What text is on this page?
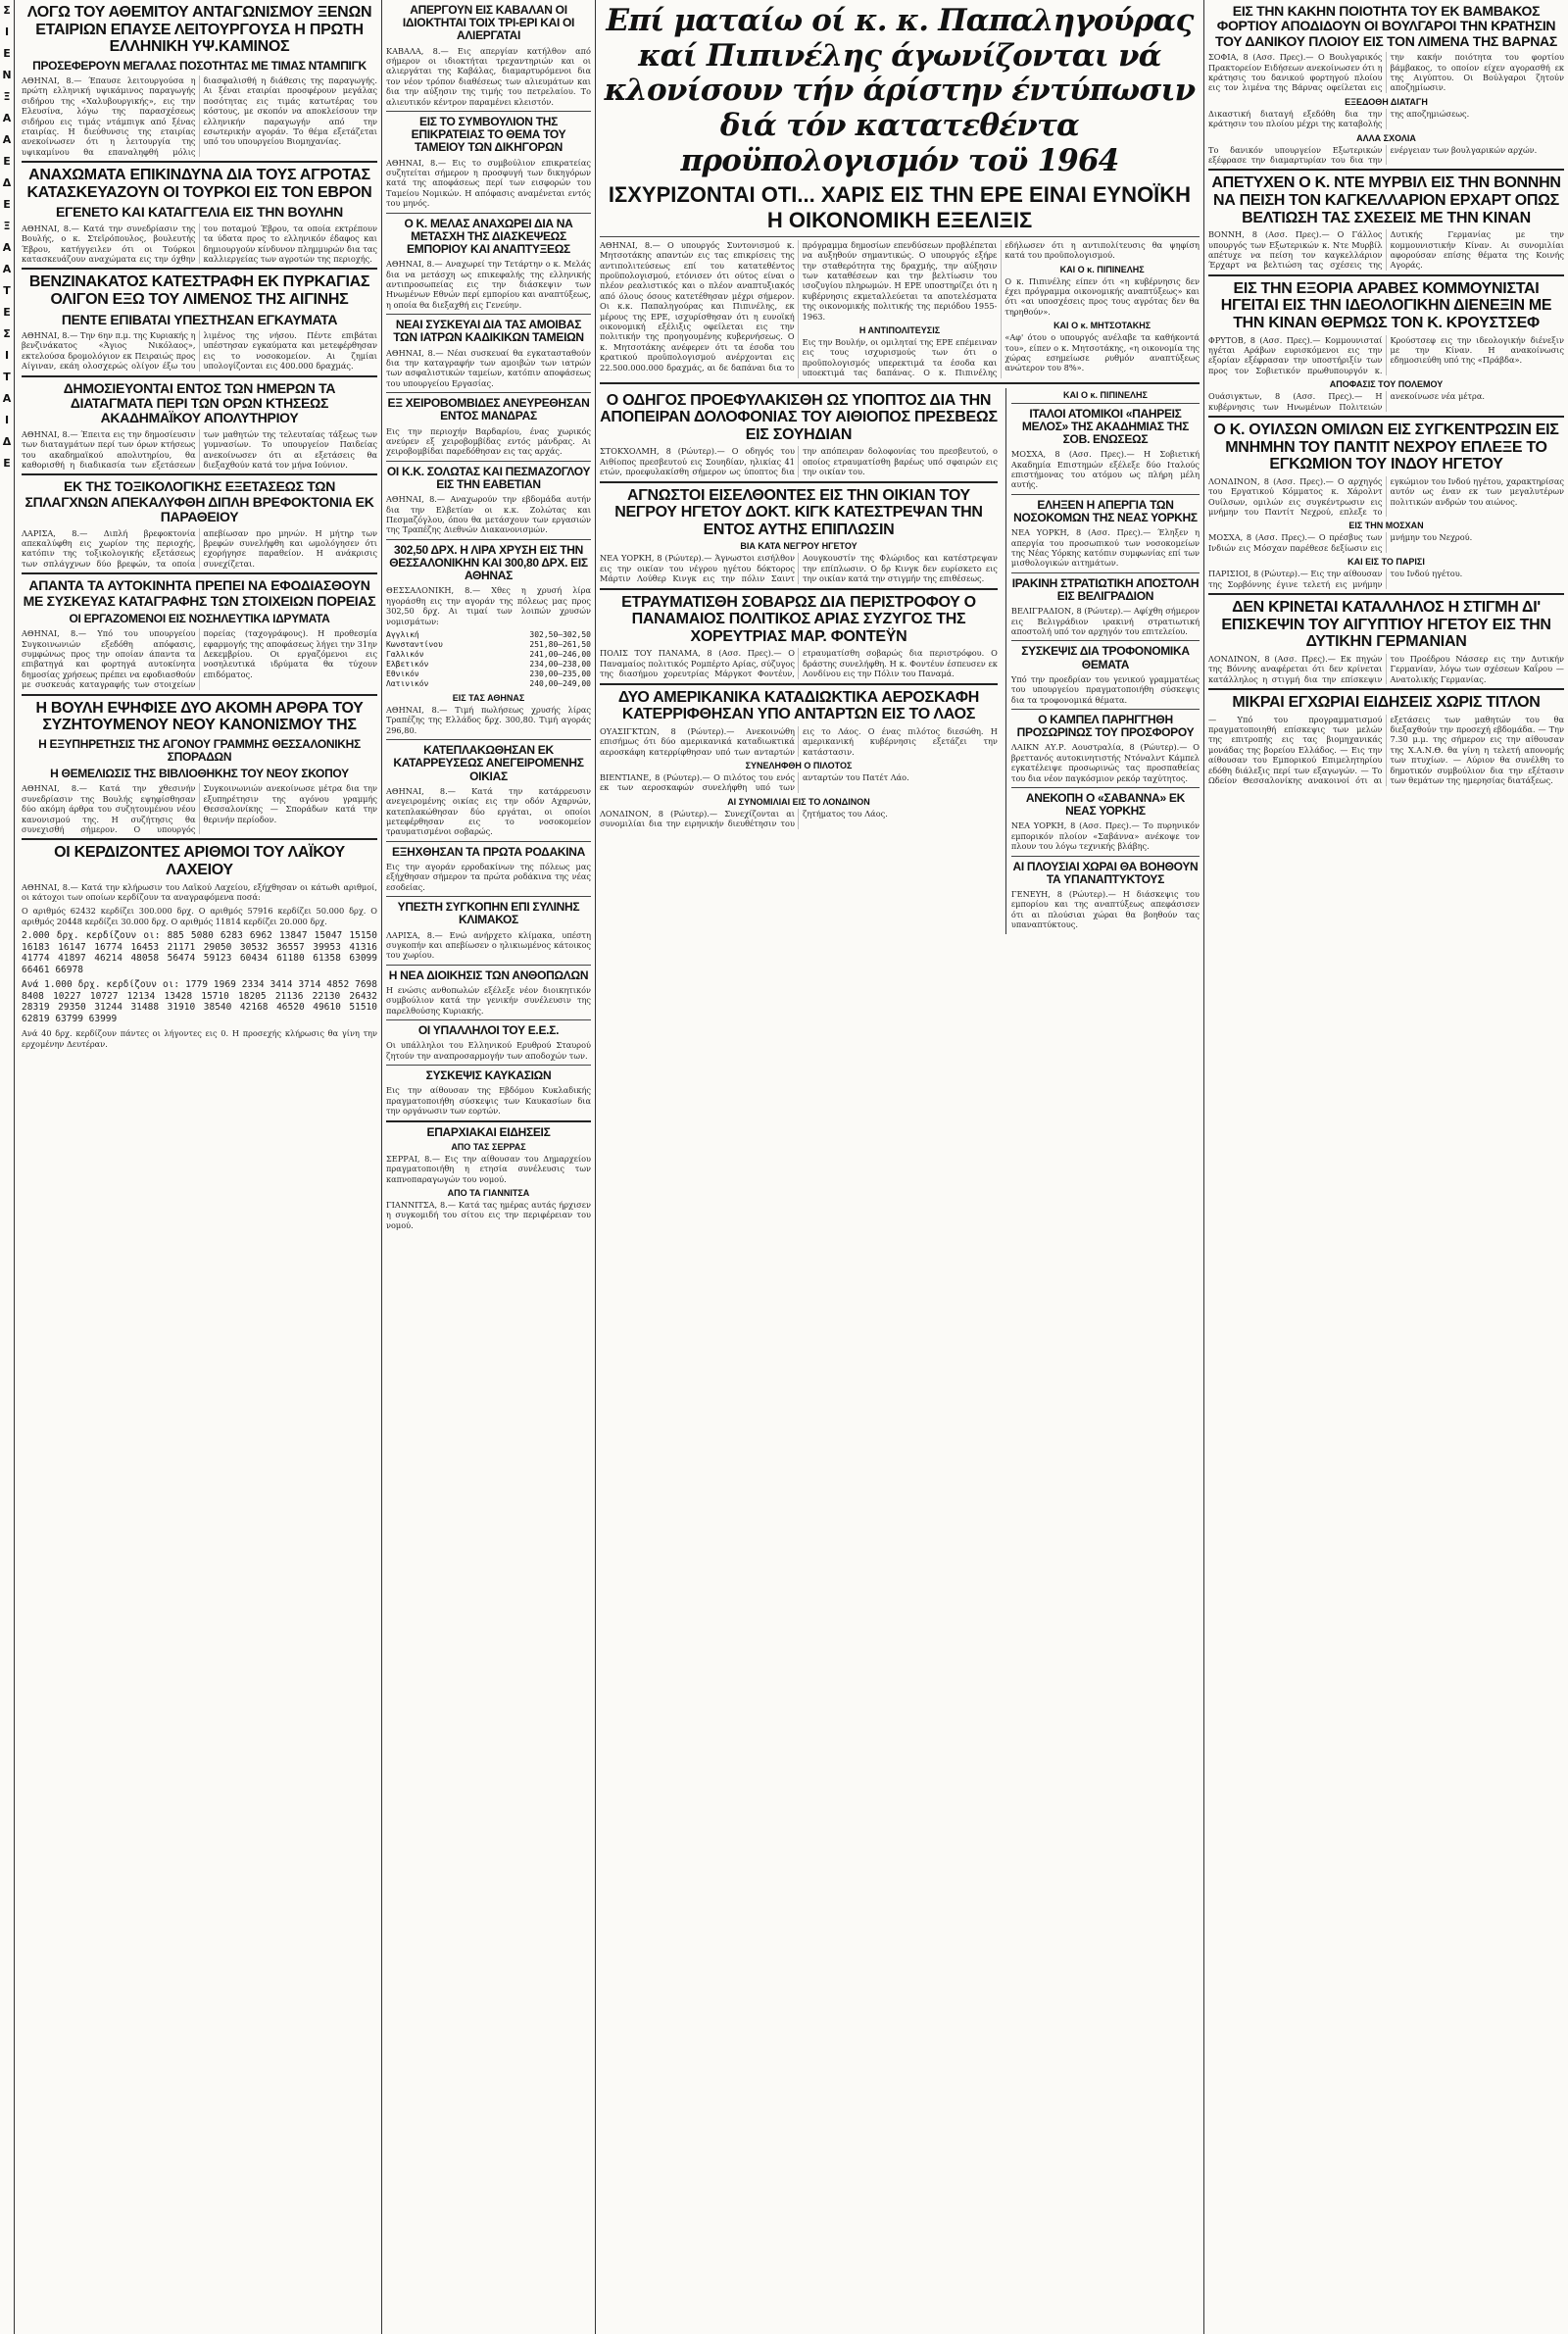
Σ
Ι
Ε
Ν
Ξ
Α
Α
Ε
Δ
Ε
Ξ
Α
Α
Τ
Ε
Σ
Ι
Τ
Α
Ι
Δ
Ε
ΛΟΓΩ ΤΟΥ ΑΘΕΜΙΤΟΥ ΑΝΤΑΓΩΝΙΣΜΟΥ ΞΕΝΩΝ ΕΤΑΙΡΙΩΝ ΕΠΑΥΣΕ ΛΕΙΤΟΥΡΓΟΥΣΑ Η ΠΡΩΤΗ ΕΛΛΗΝΙΚΗ ΥΨ.ΚΑΜΙΝΟΣ
ΠΡΟΣΕΦΕΡΟΥΝ ΜΕΓΑΛΑΣ ΠΟΣΟΤΗΤΑΣ ΜΕ ΤΙΜΑΣ ΝΤΑΜΠΙΓΚ

ΑΘΗΝΑΙ, 8.— Έπαυσε λειτουργούσα η πρώτη ελληνική υψικάμινος παραγωγής σιδήρου της «Χαλυβουργικής», εις την Ελευσίνα, λόγω της παρασχέσεως σιδήρου εις τιμάς ντάμπιγκ από ξένας εταιρίας. Η διεύθυνσις της εταιρίας ανεκοίνωσεν ότι η λειτουργία της υψικαμίνου θα επαναληφθή μόλις διασφαλισθή η διάθεσις της παραγωγής. Αι ξέναι εταιρίαι προσφέρουν μεγάλας ποσότητας εις τιμάς κατωτέρας του κόστους, με σκοπόν να αποκλείσουν την ελληνικήν παραγωγήν από την εσωτερικήν αγοράν. Το θέμα εξετάζεται υπό του υπουργείου Βιομηχανίας.

ΑΝΑΧΩΜΑΤΑ ΕΠΙΚΙΝΔΥΝΑ ΔΙΑ ΤΟΥΣ ΑΓΡΟΤΑΣ ΚΑΤΑΣΚΕΥΑΖΟΥΝ ΟΙ ΤΟΥΡΚΟΙ ΕΙΣ ΤΟΝ ΕΒΡΟΝ
ΕΓΕΝΕΤΟ ΚΑΙ ΚΑΤΑΓΓΕΛΙΑ ΕΙΣ ΤΗΝ ΒΟΥΛΗΝ

ΑΘΗΝΑΙ, 8.— Κατά την συνεδρίασιν της Βουλής, ο κ. Στεϊρόπουλος, βουλευτής Έβρου, κατήγγειλεν ότι οι Τούρκοι κατασκευάζουν αναχώματα εις την όχθην του ποταμού Έβρου, τα οποία εκτρέπουν τα ύδατα προς το ελληνικόν έδαφος και δημιουργούν κίνδυνον πλημμυρών δια τας καλλιεργείας των αγροτών της περιοχής.

ΒΕΝΖΙΝΑΚΑΤΟΣ ΚΑΤΕΣΤΡΑΦΗ ΕΚ ΠΥΡΚΑΓΙΑΣ ΟΛΙΓΟΝ ΕΞΩ ΤΟΥ ΛΙΜΕΝΟΣ ΤΗΣ ΑΙΓΙΝΗΣ
ΠΕΝΤΕ ΕΠΙΒΑΤΑΙ ΥΠΕΣΤΗΣΑΝ ΕΓΚΑΥΜΑΤΑ

ΑΘΗΝΑΙ, 8.— Την 6ην π.μ. της Κυριακής η βενζινάκατος «Άγιος Νικόλαος», εκτελούσα δρομολόγιον εκ Πειραιώς προς Αίγιναν, εκάη ολοσχερώς ολίγον έξω του λιμένος της νήσου. Πέντε επιβάται υπέστησαν εγκαύματα και μετεφέρθησαν εις το νοσοκομείον. Αι ζημίαι υπολογίζονται εις 400.000 δραχμάς.

ΔΗΜΟΣΙΕΥΟΝΤΑΙ ΕΝΤΟΣ ΤΩΝ ΗΜΕΡΩΝ ΤΑ ΔΙΑΤΑΓΜΑΤΑ ΠΕΡΙ ΤΩΝ ΟΡΩΝ ΚΤΗΣΕΩΣ ΑΚΑΔΗΜΑΪΚΟΥ ΑΠΟΛΥΤΗΡΙΟΥ

ΑΘΗΝΑΙ, 8.— Έπειτα εις την δημοσίευσιν των διαταγμάτων περί των όρων κτήσεως του ακαδημαϊκού απολυτηρίου, θα καθορισθή η διαδικασία των εξετάσεων των μαθητών της τελευταίας τάξεως των γυμνασίων. Το υπουργείον Παιδείας ανεκοίνωσεν ότι αι εξετάσεις θα διεξαχθούν κατά τον μήνα Ιούνιον.

ΕΚ ΤΗΣ ΤΟΞΙΚΟΛΟΓΙΚΗΣ ΕΞΕΤΑΣΕΩΣ ΤΩΝ ΣΠΛΑΓΧΝΩΝ ΑΠΕΚΑΛΥΦΘΗ ΔΙΠΛΗ ΒΡΕΦΟΚΤΟΝΙΑ ΕΚ ΠΑΡΑΘΕΙΟΥ

ΛΑΡΙΣΑ, 8.— Διπλή βρεφοκτονία απεκαλύφθη εις χωρίον της περιοχής, κατόπιν της τοξικολογικής εξετάσεως των σπλάγχνων δύο βρεφών, τα οποία απεβίωσαν προ μηνών. Η μήτηρ των βρεφών συνελήφθη και ωμολόγησεν ότι εχορήγησε παραθείον. Η ανάκρισις συνεχίζεται.

ΑΠΑΝΤΑ ΤΑ ΑΥΤΟΚΙΝΗΤΑ ΠΡΕΠΕΙ ΝΑ ΕΦΟΔΙΑΣΘΟΥΝ ΜΕ ΣΥΣΚΕΥΑΣ ΚΑΤΑΓΡΑΦΗΣ ΤΩΝ ΣΤΟΙΧΕΙΩΝ ΠΟΡΕΙΑΣ
ΟΙ ΕΡΓΑΖΟΜΕΝΟΙ ΕΙΣ ΝΟΣΗΛΕΥΤΙΚΑ ΙΔΡΥΜΑΤΑ

ΑΘΗΝΑΙ, 8.— Υπό του υπουργείου Συγκοινωνιών εξεδόθη απόφασις, συμφώνως προς την οποίαν άπαντα τα επιβατηγά και φορτηγά αυτοκίνητα δημοσίας χρήσεως πρέπει να εφοδιασθούν με συσκευάς καταγραφής των στοιχείων πορείας (ταχογράφους). Η προθεσμία εφαρμογής της αποφάσεως λήγει την 31ην Δεκεμβρίου. Οι εργαζόμενοι εις νοσηλευτικά ιδρύματα θα τύχουν επιδόματος.

Η ΒΟΥΛΗ ΕΨΗΦΙΣΕ ΔΥΟ ΑΚΟΜΗ ΑΡΘΡΑ ΤΟΥ ΣΥΖΗΤΟΥΜΕΝΟΥ ΝΕΟΥ ΚΑΝΟΝΙΣΜΟΥ ΤΗΣ
Η ΕΞΥΠΗΡΕΤΗΣΙΣ ΤΗΣ ΑΓΟΝΟΥ ΓΡΑΜΜΗΣ ΘΕΣΣΑΛΟΝΙΚΗΣ ΣΠΟΡΑΔΩΝ
Η ΘΕΜΕΛΙΩΣΙΣ ΤΗΣ ΒΙΒΛΙΟΘΗΚΗΣ ΤΟΥ ΝΕΟΥ ΣΚΟΠΟΥ

ΑΘΗΝΑΙ, 8.— Κατά την χθεσινήν συνεδρίασιν της Βουλής εψηφίσθησαν δύο ακόμη άρθρα του συζητουμένου νέου κανονισμού της. Η συζήτησις θα συνεχισθή σήμερον. Ο υπουργός Συγκοινωνιών ανεκοίνωσε μέτρα δια την εξυπηρέτησιν της αγόνου γραμμής Θεσσαλονίκης — Σποράδων κατά την θερινήν περίοδον.

ΟΙ ΚΕΡΔΙΖΟΝΤΕΣ ΑΡΙΘΜΟΙ ΤΟΥ ΛΑΪΚΟΥ ΛΑΧΕΙΟΥ

ΑΘΗΝΑΙ, 8.— Κατά την κλήρωσιν του Λαϊκού Λαχείου, εξήχθησαν οι κάτωθι αριθμοί, οι κάτοχοι των οποίων κερδίζουν τα αναγραφόμενα ποσά:

Ο αριθμός 62432 κερδίζει 300.000 δρχ. Ο αριθμός 57916 κερδίζει 50.000 δρχ. Ο αριθμός 20448 κερδίζει 30.000 δρχ. Ο αριθμός 11814 κερδίζει 20.000 δρχ.

2.000 δρχ. κερδίζουν οι: 885 5080 6283 6962 13847 15047 15150 16183 16147 16774 16453 21171 29050 30532 36557 39953 41316 41774 41897 46214 48058 56474 59123 60434 61180 61358 63099 66461 66978

Ανά 1.000 δρχ. κερδίζουν οι: 1779 1969 2334 3414 3714 4852 7698 8408 10227 10727 12134 13428 15710 18205 21136 22130 26432 28319 29350 31244 31488 31910 38540 42168 46520 49610 51510 62819 63799 63999

Ανά 40 δρχ. κερδίζουν πάντες οι λήγοντες εις 0. Η προσεχής κλήρωσις θα γίνη την ερχομένην Δευτέραν.

ΑΠΕΡΓΟΥΝ ΕΙΣ ΚΑΒΑΛΑΝ ΟΙ ΙΔΙΟΚΤΗΤΑΙ ΤΟΙΧ ΤΡΙ-ΕΡΙ ΚΑΙ ΟΙ ΑΛΙΕΡΓΑΤΑΙ

ΚΑΒΑΛΑ, 8.— Εις απεργίαν κατήλθον από σήμερον οι ιδιοκτήται τρεχαντηριών και οι αλιεργάται της Καβάλας, διαμαρτυρόμενοι δια τον νέον τρόπον διαθέσεως των αλιευμάτων και δια την αύξησιν της τιμής του πετρελαίου. Το αλιευτικόν κέντρον παραμένει κλειστόν.

ΕΙΣ ΤΟ ΣΥΜΒΟΥΛΙΟΝ ΤΗΣ ΕΠΙΚΡΑΤΕΙΑΣ ΤΟ ΘΕΜΑ ΤΟΥ ΤΑΜΕΙΟΥ ΤΩΝ ΔΙΚΗΓΟΡΩΝ

ΑΘΗΝΑΙ, 8.— Εις το συμβούλιον επικρατείας συζητείται σήμερον η προσφυγή των δικηγόρων κατά της αποφάσεως περί των εισφορών του Ταμείου Νομικών. Η απόφασις αναμένεται εντός του μηνός.

Ο Κ. ΜΕΛΑΣ ΑΝΑΧΩΡΕΙ ΔΙΑ ΝΑ ΜΕΤΑΣΧΗ ΤΗΣ ΔΙΑΣΚΕΨΕΩΣ ΕΜΠΟΡΙΟΥ ΚΑΙ ΑΝΑΠΤΥΞΕΩΣ

ΑΘΗΝΑΙ, 8.— Αναχωρεί την Τετάρτην ο κ. Μελάς δια να μετάσχη ως επικεφαλής της ελληνικής αντιπροσωπείας εις την διάσκεψιν των Ηνωμένων Εθνών περί εμπορίου και αναπτύξεως, η οποία θα διεξαχθή εις Γενεύην.

ΝΕΑΙ ΣΥΣΚΕΥΑΙ ΔΙΑ ΤΑΣ ΑΜΟΙΒΑΣ ΤΩΝ ΙΑΤΡΩΝ ΚΑΔΙΚΙΚΩΝ ΤΑΜΕΙΩΝ

ΑΘΗΝΑΙ, 8.— Νέαι συσκευαί θα εγκατασταθούν δια την καταγραφήν των αμοιβών των ιατρών των ασφαλιστικών ταμείων, κατόπιν αποφάσεως του υπουργείου Εργασίας.

ΕΞ ΧΕΙΡΟΒΟΜΒΙΔΕΣ ΑΝΕΥΡΕΘΗΣΑΝ ΕΝΤΟΣ ΜΑΝΔΡΑΣ

Εις την περιοχήν Βαρδαρίου, ένας χωρικός ανεύρεν εξ χειροβομβίδας εντός μάνδρας. Αι χειροβομβίδαι παρεδόθησαν εις τας αρχάς.

ΟΙ Κ.Κ. ΣΟΛΩΤΑΣ ΚΑΙ ΠΕΣΜΑΖΟΓΛΟΥ ΕΙΣ ΤΗΝ ΕΑΒΕΤΙΑΝ

ΑΘΗΝΑΙ, 8.— Αναχωρούν την εβδομάδα αυτήν δια την Ελβετίαν οι κ.κ. Ζολώτας και Πεσμαζόγλου, όπου θα μετάσχουν των εργασιών της Τραπέζης Διεθνών Διακανονισμών.

302,50 ΔΡΧ. Η ΛΙΡΑ ΧΡΥΣΗ ΕΙΣ ΤΗΝ ΘΕΣΣΑΛΟΝΙΚΗΝ ΚΑΙ 300,80 ΔΡΧ. ΕΙΣ ΑΘΗΝΑΣ

ΘΕΣΣΑΛΟΝΙΚΗ, 8.— Χθες η χρυσή λίρα ηγοράσθη εις την αγοράν της πόλεως μας προς 302,50 δρχ. Αι τιμαί των λοιπών χρυσών νομισμάτων:

Αγγλική	302,50—302,50
Κωνσταντίνου	251,80—261,50
Γαλλικόν	241,00—246,00
Ελβετικόν	234,00—238,00
Εθνικόν	230,00—235,00
Λατινικόν	240,00—249,00
ΕΙΣ ΤΑΣ ΑΘΗΝΑΣ

ΑΘΗΝΑΙ, 8.— Τιμή πωλήσεως χρυσής λίρας Τραπέζης της Ελλάδος δρχ. 300,80. Τιμή αγοράς 296,80.

ΚΑΤΕΠΛΑΚΩΘΗΣΑΝ ΕΚ ΚΑΤΑΡΡΕΥΣΕΩΣ ΑΝΕΓΕΙΡΟΜΕΝΗΣ ΟΙΚΙΑΣ

ΑΘΗΝΑΙ, 8.— Κατά την κατάρρευσιν ανεγειρομένης οικίας εις την οδόν Αχαρνών, κατεπλακώθησαν δύο εργάται, οι οποίοι μετεφέρθησαν εις το νοσοκομείον τραυματισμένοι σοβαρώς.

ΕΞΗΧΘΗΣΑΝ ΤΑ ΠΡΩΤΑ ΡΟΔΑΚΙΝΑ

Εις την αγοράν ερροδακίνων της πόλεως μας εξήχθησαν σήμερον τα πρώτα ροδάκινα της νέας εσοδείας.

ΥΠΕΣΤΗ ΣΥΓΚΟΠΗΝ ΕΠΙ ΣΥΛΙΝΗΣ ΚΛΙΜΑΚΟΣ

ΛΑΡΙΣΑ, 8.— Ενώ ανήρχετο κλίμακα, υπέστη συγκοπήν και απεβίωσεν ο ηλικιωμένος κάτοικος του χωρίου.

Η ΝΕΑ ΔΙΟΙΚΗΣΙΣ ΤΩΝ ΑΝΘΟΠΩΛΩΝ

Η ενώσις ανθοπωλών εξέλεξε νέον διοικητικόν συμβούλιον κατά την γενικήν συνέλευσιν της παρελθούσης Κυριακής.

ΟΙ ΥΠΑΛΛΗΛΟΙ ΤΟΥ Ε.Ε.Σ.

Οι υπάλληλοι του Ελληνικού Ερυθρού Σταυρού ζητούν την αναπροσαρμογήν των αποδοχών των.

ΣΥΣΚΕΨΙΣ ΚΑΥΚΑΣΙΩΝ

Εις την αίθουσαν της Εβδόμου Κυκλαδικής πραγματοποιήθη σύσκεψις των Καυκασίων δια την οργάνωσιν των εορτών.

ΕΠΑΡΧΙΑΚΑΙ ΕΙΔΗΣΕΙΣ
ΑΠΟ ΤΑΣ ΣΕΡΡΑΣ

ΣΕΡΡΑΙ, 8.— Εις την αίθουσαν του Δημαρχείου πραγματοποιήθη η ετησία συνέλευσις των καπνοπαραγωγών του νομού.

ΑΠΟ ΤΑ ΓΙΑΝΝΙΤΣΑ

ΓΙΑΝΝΙΤΣΑ, 8.— Κατά τας ημέρας αυτάς ήρχισεν η συγκομιδή του σίτου εις την περιφέρειαν του νομού.

Επί ματαίω οί κ. κ. Παπαληγούρας καί Πιπινέλης άγωνίζονται νά κλονίσουν τήν άρίστην έντύπωσιν διά τόν κατατεθέντα προϋπολογισμόν τοϋ 1964
ΙΣΧΥΡΙΖΟΝΤΑΙ ΟΤΙ... ΧΑΡΙΣ ΕΙΣ ΤΗΝ ΕΡΕ ΕΙΝΑΙ ΕΥΝΟΪΚΗ Η ΟΙΚΟΝΟΜΙΚΗ ΕΞΕΛΙΞΙΣ

ΑΘΗΝΑΙ, 8.— Ο υπουργός Συντονισμού κ. Μητσοτάκης απαντών εις τας επικρίσεις της αντιπολιτεύσεως επί του κατατεθέντος προϋπολογισμού, ετόνισεν ότι ούτος είναι ο πλέον ρεαλιστικός και ο πλέον αναπτυξιακός από όλους όσους κατετέθησαν μέχρι σήμερον. Οι κ.κ. Παπαληγούρας και Πιπινέλης, εκ μέρους της ΕΡΕ, ισχυρίσθησαν ότι η ευνοϊκή οικονομική εξέλιξις οφείλεται εις την πολιτικήν της προηγουμένης κυβερνήσεως. Ο κ. Μητσοτάκης ανέφερεν ότι τα έσοδα του κρατικού προϋπολογισμού ανέρχονται εις 22.500.000.000 δραχμάς, αι δε δαπάναι δια το πρόγραμμα δημοσίων επενδύσεων προβλέπεται να αυξηθούν σημαντικώς. Ο υπουργός εξήρε την σταθερότητα της δραχμής, την αύξησιν των καταθέσεων και την βελτίωσιν του ισοζυγίου πληρωμών. Η ΕΡΕ υποστηρίζει ότι η κυβέρνησις εκμεταλλεύεται τα αποτελέσματα της οικονομικής πολιτικής της περιόδου 1955-1963.

Η ΑΝΤΙΠΟΛΙΤΕΥΣΙΣ

Εις την Βουλήν, οι ομιληταί της ΕΡΕ επέμειναν εις τους ισχυρισμούς των ότι ο προϋπολογισμός υπερεκτιμά τα έσοδα και υποεκτιμά τας δαπάνας. Ο κ. Πιπινέλης εδήλωσεν ότι η αντιπολίτευσις θα ψηφίση κατά του προϋπολογισμού.

ΚΑΙ Ο κ. ΠΙΠΙΝΕΛΗΣ

Ο κ. Πιπινέλης είπεν ότι «η κυβέρνησις δεν έχει πρόγραμμα οικονομικής αναπτύξεως» και ότι «αι υποσχέσεις προς τους αγρότας δεν θα τηρηθούν».

ΚΑΙ Ο κ. ΜΗΤΣΟΤΑΚΗΣ

«Αφ' ότου ο υπουργός ανέλαβε τα καθήκοντά του», είπεν ο κ. Μητσοτάκης, «η οικονομία της χώρας εσημείωσε ρυθμόν αναπτύξεως ανώτερον του 8%».

Ο ΟΔΗΓΟΣ ΠΡΟΕΦΥΛΑΚΙΣΘΗ ΩΣ ΥΠΟΠΤΟΣ ΔΙΑ ΤΗΝ ΑΠΟΠΕΙΡΑΝ ΔΟΛΟΦΟΝΙΑΣ ΤΟΥ ΑΙΘΙΟΠΟΣ ΠΡΕΣΒΕΩΣ ΕΙΣ ΣΟΥΗΔΙΑΝ

ΣΤΟΚΧΟΛΜΗ, 8 (Ρώυτερ).— Ο οδηγός του Αιθίοπος πρεσβευτού εις Σουηδίαν, ηλικίας 41 ετών, προεφυλακίσθη σήμερον ως ύποπτος δια την απόπειραν δολοφονίας του πρεσβευτού, ο οποίος ετραυματίσθη βαρέως υπό σφαιρών εις την οικίαν του.

ΑΓΝΩΣΤΟΙ ΕΙΣΕΛΘΟΝΤΕΣ ΕΙΣ ΤΗΝ ΟΙΚΙΑΝ ΤΟΥ ΝΕΓΡΟΥ ΗΓΕΤΟΥ ΔΟΚΤ. ΚΙΓΚ ΚΑΤΕΣΤΡΕΨΑΝ ΤΗΝ ΕΝΤΟΣ ΑΥΤΗΣ ΕΠΙΠΛΩΣΙΝ
ΒΙΑ ΚΑΤΑ ΝΕΓΡΟΥ ΗΓΕΤΟΥ

ΝΕΑ ΥΟΡΚΗ, 8 (Ρώυτερ).— Άγνωστοι εισήλθον εις την οικίαν του νέγρου ηγέτου δόκτορος Μάρτιν Λούθερ Κινγκ εις την πόλιν Σαιντ Αουγκουστίν της Φλώριδος και κατέστρεψαν την επίπλωσιν. Ο δρ Κινγκ δεν ευρίσκετο εις την οικίαν κατά την στιγμήν της επιθέσεως.

ΕΤΡΑΥΜΑΤΙΣΘΗ ΣΟΒΑΡΩΣ ΔΙΑ ΠΕΡΙΣΤΡΟΦΟΥ Ο ΠΑΝΑΜΑΙΟΣ ΠΟΛΙΤΙΚΟΣ ΑΡΙΑΣ ΣΥΖΥΓΟΣ ΤΗΣ ΧΟΡΕΥΤΡΙΑΣ ΜΑΡ. ΦΟΝΤΕΫΝ

ΠΟΛΙΣ ΤΟΥ ΠΑΝΑΜΑ, 8 (Ασσ. Πρες).— Ο Παναμαίος πολιτικός Ρομπέρτο Αρίας, σύζυγος της διασήμου χορευτρίας Μάργκοτ Φοντέυν, ετραυματίσθη σοβαρώς δια περιστρόφου. Ο δράστης συνελήφθη. Η κ. Φοντέυν έσπευσεν εκ Λονδίνου εις την Πόλιν του Παναμά.

ΔΥΟ ΑΜΕΡΙΚΑΝΙΚΑ ΚΑΤΑΔΙΩΚΤΙΚΑ ΑΕΡΟΣΚΑΦΗ ΚΑΤΕΡΡΙΦΘΗΣΑΝ ΥΠΟ ΑΝΤΑΡΤΩΝ ΕΙΣ ΤΟ ΛΑΟΣ

ΟΥΑΣΙΓΚΤΩΝ, 8 (Ρώυτερ).— Ανεκοινώθη επισήμως ότι δύο αμερικανικά καταδιωκτικά αεροσκάφη κατερρίφθησαν υπό των ανταρτών εις το Λάος. Ο ένας πιλότος διεσώθη. Η αμερικανική κυβέρνησις εξετάζει την κατάστασιν.

ΣΥΝΕΛΗΦΘΗ Ο ΠΙΛΟΤΟΣ

ΒΙΕΝΤΙΑΝΕ, 8 (Ρώυτερ).— Ο πιλότος του ενός εκ των αεροσκαφών συνελήφθη υπό των ανταρτών του Πατέτ Λάο.

ΑΙ ΣΥΝΟΜΙΛΙΑΙ ΕΙΣ ΤΟ ΛΟΝΔΙΝΟΝ

ΛΟΝΔΙΝΟΝ, 8 (Ρώυτερ).— Συνεχίζονται αι συνομιλίαι δια την ειρηνικήν διευθέτησιν του ζητήματος του Λάος.

ΚΑΙ Ο κ. ΠΙΠΙΝΕΛΗΣ
ΙΤΑΛΟΙ ΑΤΟΜΙΚΟΙ «ΠΑΗΡΕΙΣ ΜΕΛΟΣ» ΤΗΣ ΑΚΑΔΗΜΙΑΣ ΤΗΣ ΣΟΒ. ΕΝΩΣΕΩΣ

ΜΟΣΧΑ, 8 (Ασσ. Πρες).— Η Σοβιετική Ακαδημία Επιστημών εξέλεξε δύο Ιταλούς επιστήμονας του ατόμου ως πλήρη μέλη αυτής.

ΕΛΗΞΕΝ Η ΑΠΕΡΓΙΑ ΤΩΝ ΝΟΣΟΚΟΜΩΝ ΤΗΣ ΝΕΑΣ ΥΟΡΚΗΣ

ΝΕΑ ΥΟΡΚΗ, 8 (Ασσ. Πρες).— Έληξεν η απεργία του προσωπικού των νοσοκομείων της Νέας Υόρκης κατόπιν συμφωνίας επί των μισθολογικών αιτημάτων.

ΙΡΑΚΙΝΗ ΣΤΡΑΤΙΩΤΙΚΗ ΑΠΟΣΤΟΛΗ ΕΙΣ ΒΕΛΙΓΡΑΔΙΟΝ

ΒΕΛΙΓΡΑΔΙΟΝ, 8 (Ρώυτερ).— Αφίχθη σήμερον εις Βελιγράδιον ιρακινή στρατιωτική αποστολή υπό τον αρχηγόν του επιτελείου.

ΣΥΣΚΕΨΙΣ ΔΙΑ ΤΡΟΦΟΝΟΜΙΚΑ ΘΕΜΑΤΑ

Υπό την προεδρίαν του γενικού γραμματέως του υπουργείου πραγματοποιήθη σύσκεψις δια τα τροφονομικά θέματα.

Ο ΚΑΜΠΕΛ ΠΑΡΗΓΓΗΘΗ ΠΡΟΣΩΡΙΝΩΣ ΤΟΥ ΠΡΟΣΦΟΡΟΥ

ΛΑΙΚΝ ΑΥ.Ρ. Αουστραλία, 8 (Ρώυτερ).— Ο βρεττανός αυτοκινητιστής Ντόναλντ Κάμπελ εγκατέλειψε προσωρινώς τας προσπαθείας του δια νέον παγκόσμιον ρεκόρ ταχύτητος.

ΑΝΕΚΟΠΗ Ο «ΣΑΒΑΝΝΑ» ΕΚ ΝΕΑΣ ΥΟΡΚΗΣ

ΝΕΑ ΥΟΡΚΗ, 8 (Ασσ. Πρες).— Το πυρηνικόν εμπορικόν πλοίον «Σαβάννα» ανέκοψε τον πλουν του λόγω τεχνικής βλάβης.

ΑΙ ΠΛΟΥΣΙΑΙ ΧΩΡΑΙ ΘΑ ΒΟΗΘΟΥΝ ΤΑ ΥΠΑΝΑΠΤΥΚΤΟΥΣ

ΓΕΝΕΥΗ, 8 (Ρώυτερ).— Η διάσκεψις του εμπορίου και της αναπτύξεως απεφάσισεν ότι αι πλούσιαι χώραι θα βοηθούν τας υπαναπτύκτους.

ΕΙΣ ΤΗΝ ΚΑΚΗΝ ΠΟΙΟΤΗΤΑ ΤΟΥ ΕΚ ΒΑΜΒΑΚΟΣ ΦΟΡΤΙΟΥ ΑΠΟΔΙΔΟΥΝ ΟΙ ΒΟΥΛΓΑΡΟΙ ΤΗΝ ΚΡΑΤΗΣΙΝ ΤΟΥ ΔΑΝΙΚΟΥ ΠΛΟΙΟΥ ΕΙΣ ΤΟΝ ΛΙΜΕΝΑ ΤΗΣ ΒΑΡΝΑΣ

ΣΟΦΙΑ, 8 (Ασσ. Πρες).— Ο Βουλγαρικός Πρακτορείον Ειδήσεων ανεκοίνωσεν ότι η κράτησις του δανικού φορτηγού πλοίου εις τον λιμένα της Βάρνας οφείλεται εις την κακήν ποιότητα του φορτίου βάμβακος, το οποίον είχεν αγορασθή εκ της Αιγύπτου. Οι Βούλγαροι ζητούν αποζημίωσιν.

ΕΞΕΔΟΘΗ ΔΙΑΤΑΓΗ

Δικαστική διαταγή εξεδόθη δια την κράτησιν του πλοίου μέχρι της καταβολής της αποζημιώσεως.

ΑΛΛΑ ΣΧΟΛΙΑ

Το δανικόν υπουργείον Εξωτερικών εξέφρασε την διαμαρτυρίαν του δια την ενέργειαν των βουλγαρικών αρχών.

ΑΠΕΤΥΧΕΝ Ο Κ. ΝΤΕ ΜΥΡΒΙΛ ΕΙΣ ΤΗΝ ΒΟΝΝΗΝ ΝΑ ΠΕΙΣΗ ΤΟΝ ΚΑΓΚΕΛΛΑΡΙΟΝ ΕΡΧΑΡΤ ΟΠΩΣ ΒΕΛΤΙΩΣΗ ΤΑΣ ΣΧΕΣΕΙΣ ΜΕ ΤΗΝ ΚΙΝΑΝ

ΒΟΝΝΗ, 8 (Ασσ. Πρες).— Ο Γάλλος υπουργός των Εξωτερικών κ. Ντε Μυρβίλ απέτυχε να πείση τον καγκελλάριον Έρχαρτ να βελτιώση τας σχέσεις της Δυτικής Γερμανίας με την κομμουνιστικήν Κίναν. Αι συνομιλίαι αφορούσαν επίσης θέματα της Κοινής Αγοράς.

ΕΙΣ ΤΗΝ ΕΞΟΡΙΑ ΑΡΑΒΕΣ ΚΟΜΜΟΥΝΙΣΤΑΙ ΗΓΕΙΤΑΙ ΕΙΣ ΤΗΝ ΙΔΕΟΛΟΓΙΚΗΝ ΔΙΕΝΕΞΙΝ ΜΕ ΤΗΝ ΚΙΝΑΝ ΘΕΡΜΩΣ ΤΟΝ Κ. ΚΡΟΥΣΤΣΕΦ

ΦΡΥΤΟΒ, 8 (Ασσ. Πρες).— Κομμουνισταί ηγέται Αράβων ευρισκόμενοι εις την εξορίαν εξέφρασαν την υποστήριξίν των προς τον Σοβιετικόν πρωθυπουργόν κ. Κρούστσεφ εις την ιδεολογικήν διένεξιν με την Κίναν. Η ανακοίνωσις εδημοσιεύθη υπό της «Πράβδα».

ΑΠΟΦΑΣΙΣ ΤΟΥ ΠΟΛΕΜΟΥ

Ουάσιγκτων, 8 (Ασσ. Πρες).— Η κυβέρνησις των Ηνωμένων Πολιτειών ανεκοίνωσε νέα μέτρα.

Ο Κ. ΟΥΙΛΣΩΝ ΟΜΙΛΩΝ ΕΙΣ ΣΥΓΚΕΝΤΡΩΣΙΝ ΕΙΣ ΜΝΗΜΗΝ ΤΟΥ ΠΑΝΤΙΤ ΝΕΧΡΟΥ ΕΠΛΕΞΕ ΤΟ ΕΓΚΩΜΙΟΝ ΤΟΥ ΙΝΔΟΥ ΗΓΕΤΟΥ

ΛΟΝΔΙΝΟΝ, 8 (Ασσ. Πρες).— Ο αρχηγός του Εργατικού Κόμματος κ. Χάρολντ Ουίλσων, ομιλών εις συγκέντρωσιν εις μνήμην του Παντίτ Νεχρού, επλεξε το εγκώμιον του Ινδού ηγέτου, χαρακτηρίσας αυτόν ως έναν εκ των μεγαλυτέρων πολιτικών ανδρών του αιώνος.

ΕΙΣ ΤΗΝ ΜΟΣΧΑΝ

ΜΟΣΧΑ, 8 (Ασσ. Πρες).— Ο πρέσβυς των Ινδιών εις Μόσχαν παρέθεσε δεξίωσιν εις μνήμην του Νεχρού.

ΚΑΙ ΕΙΣ ΤΟ ΠΑΡΙΣΙ

ΠΑΡΙΣΙΟΙ, 8 (Ρώυτερ).— Εις την αίθουσαν της Σορβόννης έγινε τελετή εις μνήμην του Ινδού ηγέτου.

ΔΕΝ ΚΡΙΝΕΤΑΙ ΚΑΤΑΛΛΗΛΟΣ Η ΣΤΙΓΜΗ ΔΙ' ΕΠΙΣΚΕΨΙΝ ΤΟΥ ΑΙΓΥΠΤΙΟΥ ΗΓΕΤΟΥ ΕΙΣ ΤΗΝ ΔΥΤΙΚΗΝ ΓΕΡΜΑΝΙΑΝ

ΛΟΝΔΙΝΟΝ, 8 (Ασσ. Πρες).— Εκ πηγών της Βόννης αναφέρεται ότι δεν κρίνεται κατάλληλος η στιγμή δια την επίσκεψιν του Προέδρου Νάσσερ εις την Δυτικήν Γερμανίαν, λόγω των σχέσεων Καΐρου — Ανατολικής Γερμανίας.

ΜΙΚΡΑΙ ΕΓΧΩΡΙΑΙ ΕΙΔΗΣΕΙΣ ΧΩΡΙΣ ΤΙΤΛΟΝ

— Υπό του προγραμματισμού πραγματοποιηθή επίσκεψις των μελών της επιτροπής εις τας βιομηχανικάς μονάδας της βορείου Ελλάδος. — Εις την αίθουσαν του Εμπορικού Επιμελητηρίου εδόθη διάλεξις περί των εξαγωγών. — Το Ωδείον Θεσσαλονίκης ανακοινοί ότι αι εξετάσεις των μαθητών του θα διεξαχθούν την προσεχή εβδομάδα. — Την 7.30 μ.μ. της σήμερον εις την αίθουσαν της Χ.Α.Ν.Θ. θα γίνη η τελετή απονομής των πτυχίων. — Αύριον θα συνέλθη το δημοτικόν συμβούλιον δια την εξέτασιν των θεμάτων της ημερησίας διατάξεως.
